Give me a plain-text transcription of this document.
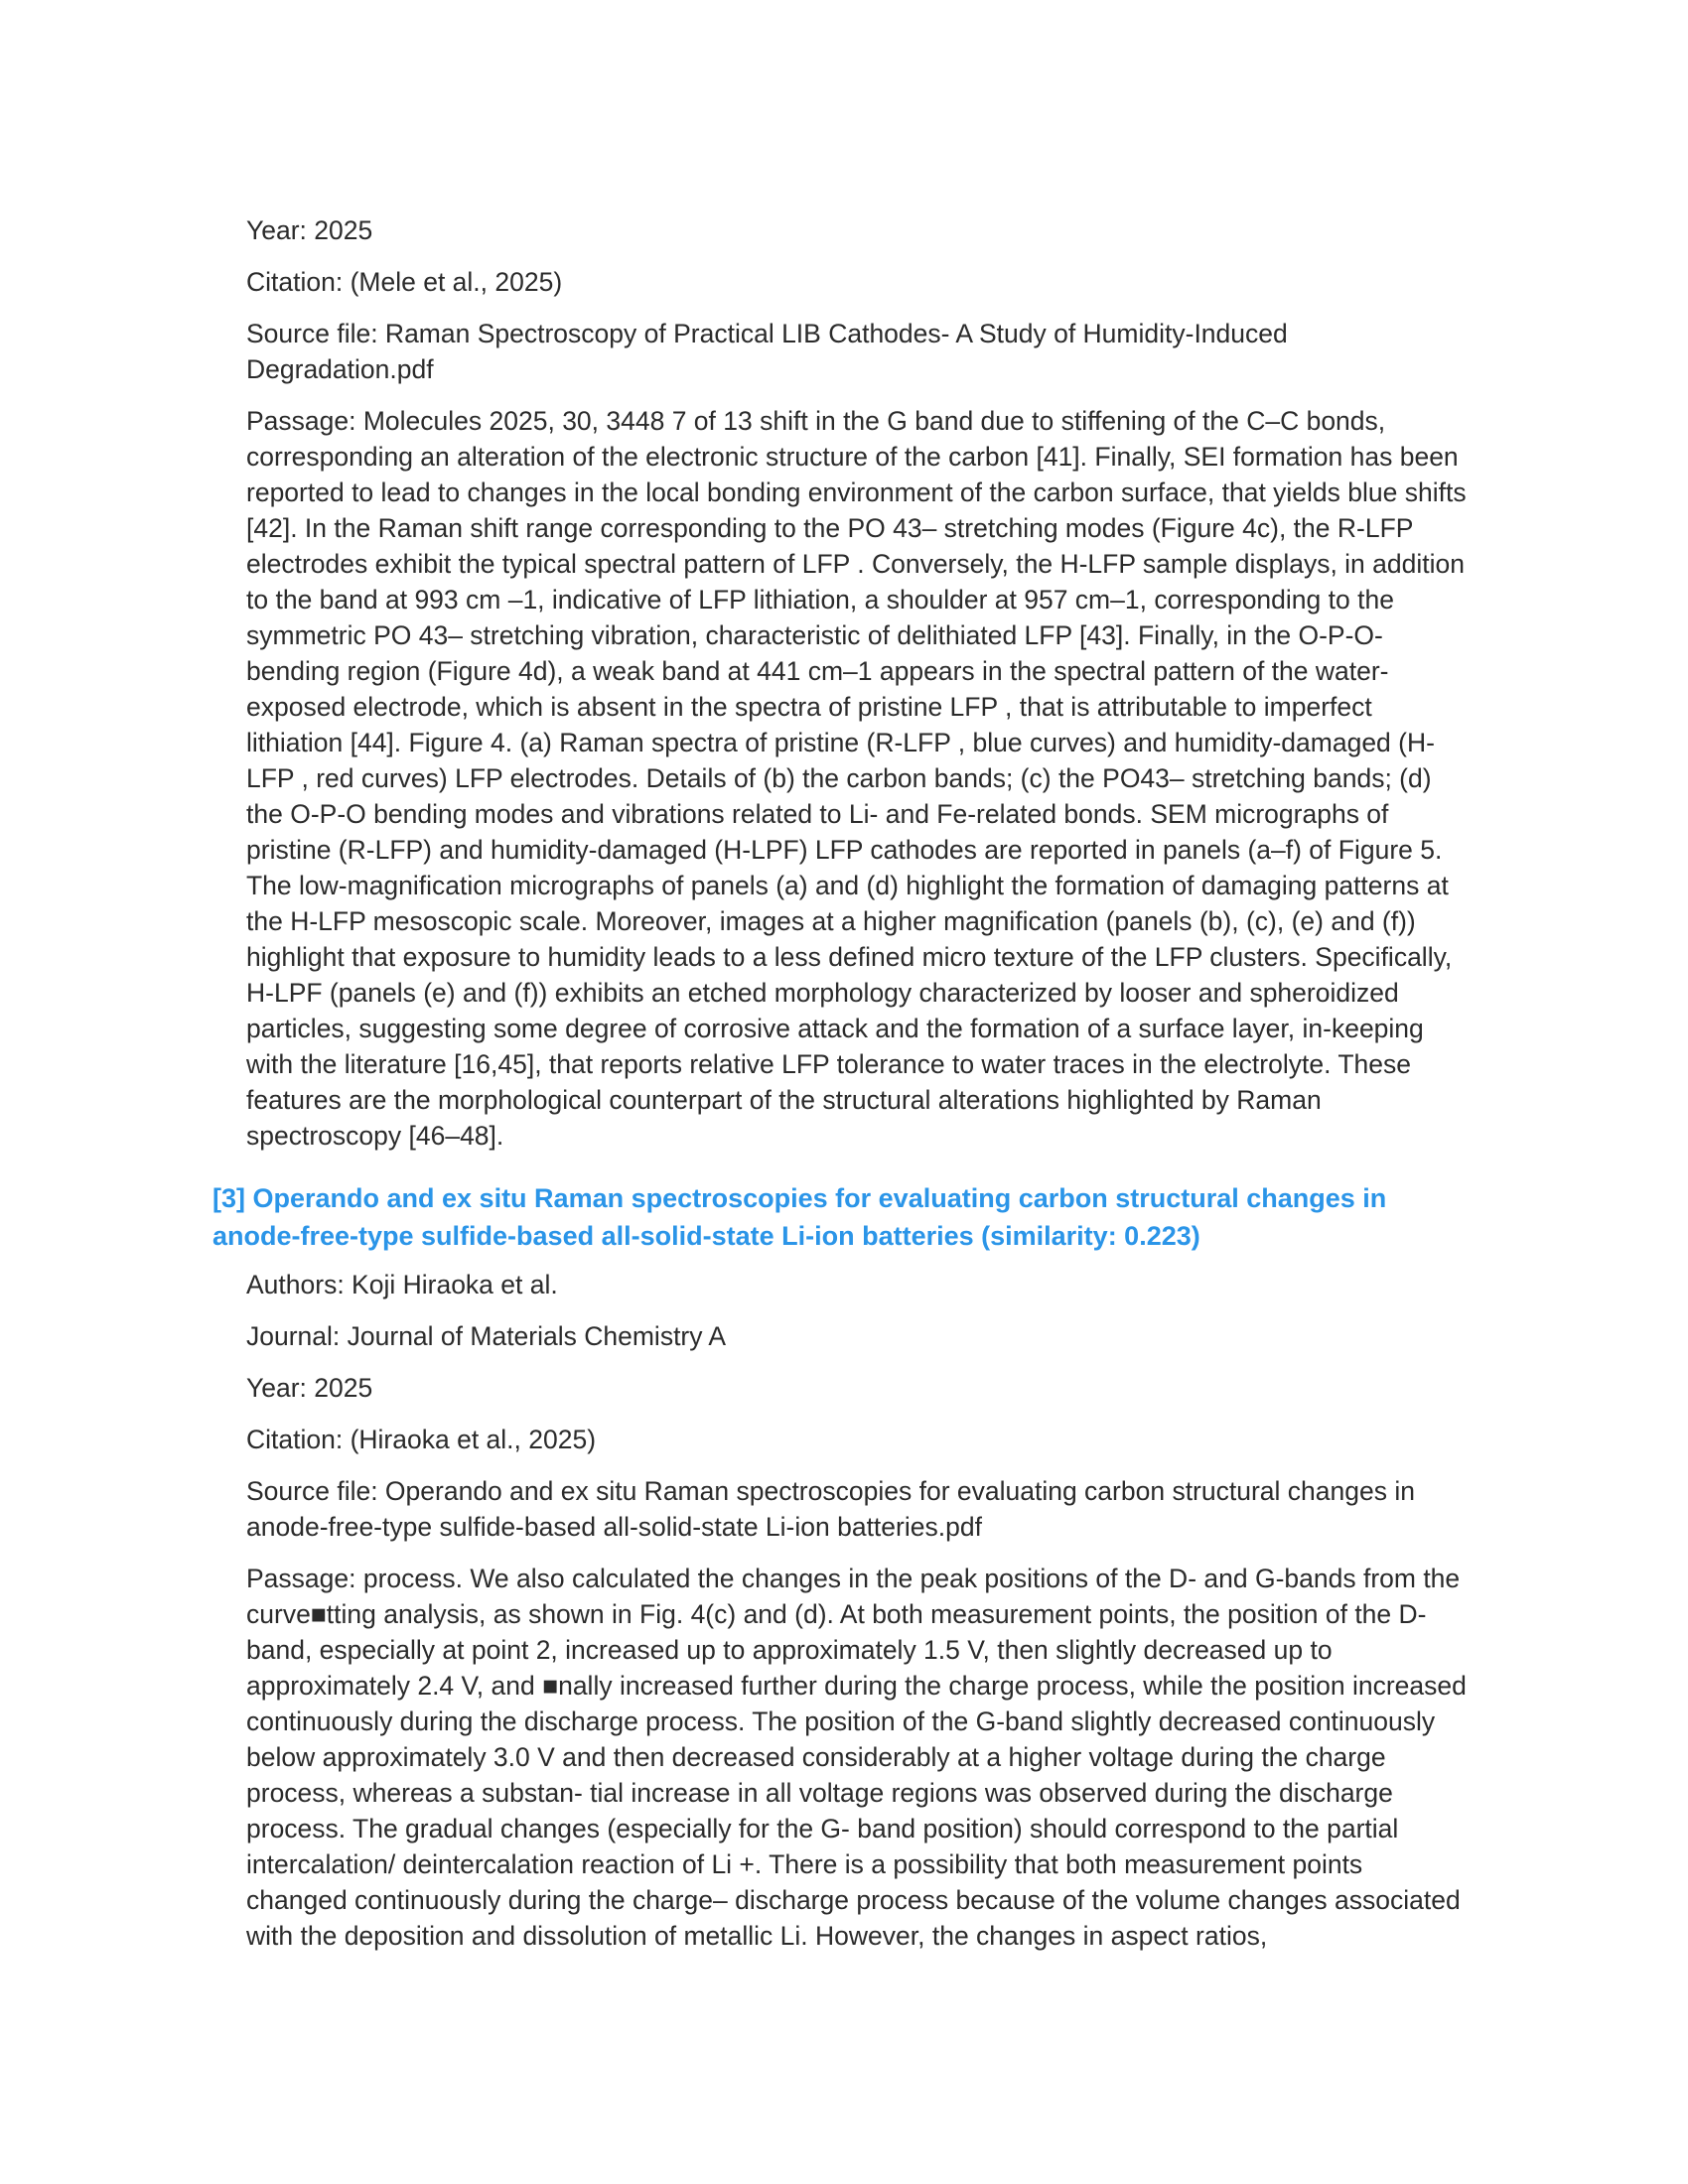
Year: 2025

Citation: (Mele et al., 2025)

Source file: Raman Spectroscopy of Practical LIB Cathodes- A Study of Humidity-Induced Degradation.pdf

Passage: Molecules 2025, 30, 3448 7 of 13 shift in the G band due to stiffening of the C–C bonds, corresponding an alteration of the electronic structure of the carbon [41]. Finally, SEI formation has been reported to lead to changes in the local bonding environment of the carbon surface, that yields blue shifts [42]. In the Raman shift range corresponding to the PO 43– stretching modes (Figure 4c), the R-LFP electrodes exhibit the typical spectral pattern of LFP . Conversely, the H-LFP sample displays, in addition to the band at 993 cm –1, indicative of LFP lithiation, a shoulder at 957 cm–1, corresponding to the symmetric PO 43– stretching vibration, characteristic of delithiated LFP [43]. Finally, in the O-P-O- bending region (Figure 4d), a weak band at 441 cm–1 appears in the spectral pattern of the water-exposed electrode, which is absent in the spectra of pristine LFP , that is attributable to imperfect lithiation [44]. Figure 4. (a) Raman spectra of pristine (R-LFP , blue curves) and humidity-damaged (H-LFP , red curves) LFP electrodes. Details of (b) the carbon bands; (c) the PO43– stretching bands; (d) the O-P-O bending modes and vibrations related to Li- and Fe-related bonds. SEM micrographs of pristine (R-LFP) and humidity-damaged (H-LPF) LFP cathodes are reported in panels (a–f) of Figure 5. The low-magnification micrographs of panels (a) and (d) highlight the formation of damaging patterns at the H-LFP mesoscopic scale. Moreover, images at a higher magnification (panels (b), (c), (e) and (f)) highlight that exposure to humidity leads to a less defined micro texture of the LFP clusters. Specifically, H-LPF (panels (e) and (f)) exhibits an etched morphology characterized by looser and spheroidized particles, suggesting some degree of corrosive attack and the formation of a surface layer, in-keeping with the literature [16,45], that reports relative LFP tolerance to water traces in the electrolyte. These features are the morphological counterpart of the structural alterations highlighted by Raman spectroscopy [46–48].

[3] Operando and ex situ Raman spectroscopies for evaluating carbon structural changes in anode-free-type sulfide-based all-solid-state Li-ion batteries (similarity: 0.223)

Authors: Koji Hiraoka et al.

Journal: Journal of Materials Chemistry A

Year: 2025

Citation: (Hiraoka et al., 2025)

Source file: Operando and ex situ Raman spectroscopies for evaluating carbon structural changes in anode-free-type sulfide-based all-solid-state Li-ion batteries.pdf

Passage: process. We also calculated the changes in the peak positions of the D- and G-bands from the curve■tting analysis, as shown in Fig. 4(c) and (d). At both measurement points, the position of the D-band, especially at point 2, increased up to approximately 1.5 V, then slightly decreased up to approximately 2.4 V, and ■nally increased further during the charge process, while the position increased continuously during the discharge process. The position of the G-band slightly decreased continuously below approximately 3.0 V and then decreased considerably at a higher voltage during the charge process, whereas a substan- tial increase in all voltage regions was observed during the discharge process. The gradual changes (especially for the G- band position) should correspond to the partial intercalation/ deintercalation reaction of Li +. There is a possibility that both measurement points changed continuously during the charge– discharge process because of the volume changes associated with the deposition and dissolution of metallic Li. However, the changes in aspect ratios,
